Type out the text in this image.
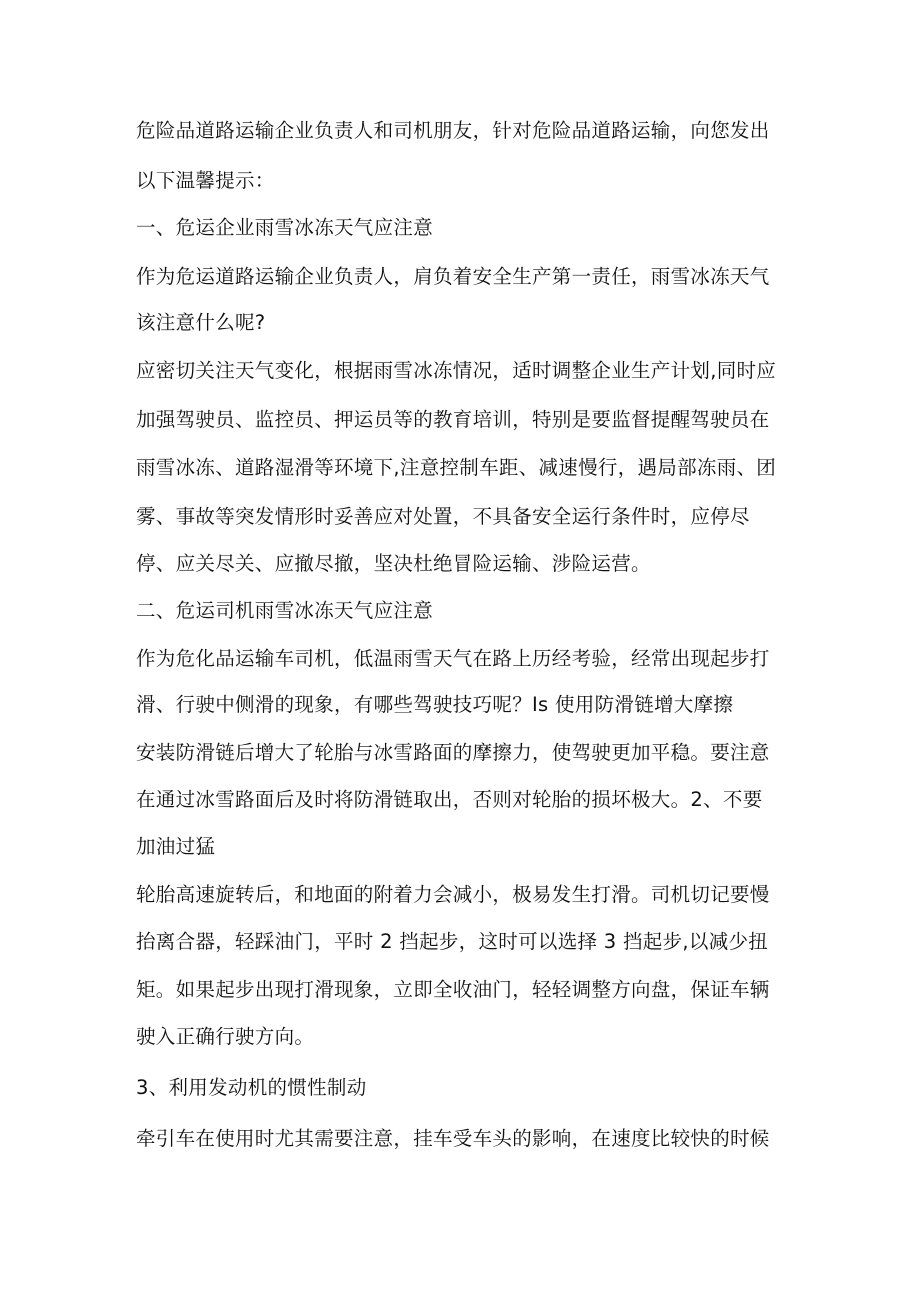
危险品道路运输企业负责人和司机朋友，针对危险品道路运输，向您发出
以下温馨提示：
一、危运企业雨雪冰冻天气应注意
作为危运道路运输企业负责人，肩负着安全生产第一责任，雨雪冰冻天气
该注意什么呢?
应密切关注天气变化，根据雨雪冰冻情况，适时调整企业生产计划,同时应
加强驾驶员、监控员、押运员等的教育培训，特别是要监督提醒驾驶员在
雨雪冰冻、道路湿滑等环境下,注意控制车距、减速慢行，遇局部冻雨、团
雾、事故等突发情形时妥善应对处置，不具备安全运行条件时，应停尽
停、应关尽关、应撤尽撤，坚决杜绝冒险运输、涉险运营。
二、危运司机雨雪冰冻天气应注意
作为危化品运输车司机，低温雨雪天气在路上历经考验，经常出现起步打
滑、行驶中侧滑的现象，有哪些驾驶技巧呢？Is 使用防滑链增大摩擦
安装防滑链后增大了轮胎与冰雪路面的摩擦力，使驾驶更加平稳。要注意
在通过冰雪路面后及时将防滑链取出，否则对轮胎的损坏极大。2、不要
加油过猛
轮胎高速旋转后，和地面的附着力会减小，极易发生打滑。司机切记要慢
抬离合器，轻踩油门，平时 2 挡起步，这时可以选择 3 挡起步,以减少扭
矩。如果起步出现打滑现象，立即全收油门，轻轻调整方向盘，保证车辆
驶入正确行驶方向。
3、利用发动机的惯性制动
牵引车在使用时尤其需要注意，挂车受车头的影响，在速度比较快的时候
